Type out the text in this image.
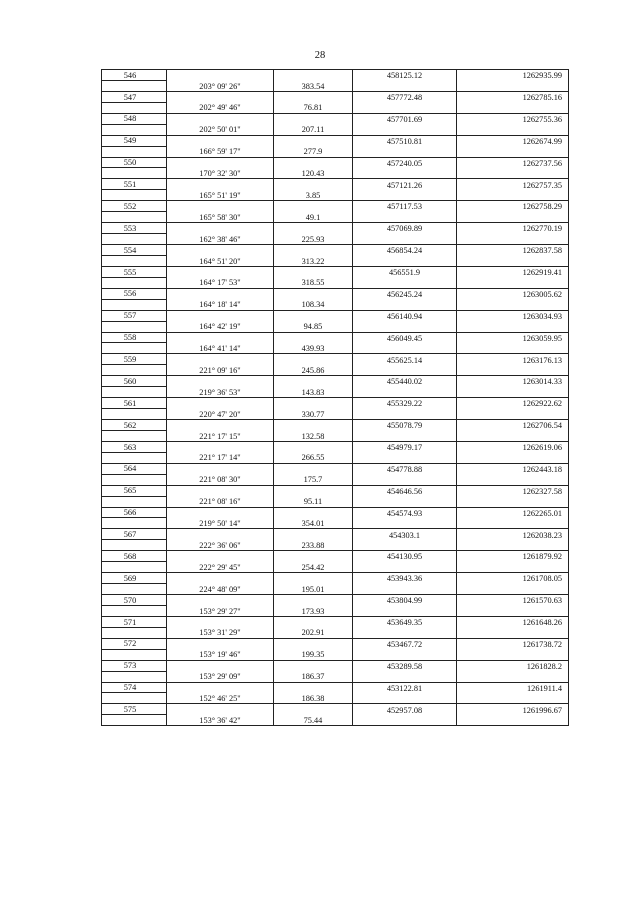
28
546			458125.12	1262935.99
	203° 09' 26"	383.54		
547			457772.48	1262785.16
	202° 49' 46"	76.81		
548			457701.69	1262755.36
	202° 50' 01"	207.11		
549			457510.81	1262674.99
	166° 59' 17"	277.9		
550			457240.05	1262737.56
	170° 32' 30"	120.43		
551			457121.26	1262757.35
	165° 51' 19"	3.85		
552			457117.53	1262758.29
	165° 58' 30"	49.1		
553			457069.89	1262770.19
	162° 38' 46"	225.93		
554			456854.24	1262837.58
	164° 51' 20"	313.22		
555			456551.9	1262919.41
	164° 17' 53"	318.55		
556			456245.24	1263005.62
	164° 18' 14"	108.34		
557			456140.94	1263034.93
	164° 42' 19"	94.85		
558			456049.45	1263059.95
	164° 41' 14"	439.93		
559			455625.14	1263176.13
	221° 09' 16"	245.86		
560			455440.02	1263014.33
	219° 36' 53"	143.83		
561			455329.22	1262922.62
	220° 47' 20"	330.77		
562			455078.79	1262706.54
	221° 17' 15"	132.58		
563			454979.17	1262619.06
	221° 17' 14"	266.55		
564			454778.88	1262443.18
	221° 08' 30"	175.7		
565			454646.56	1262327.58
	221° 08' 16"	95.11		
566			454574.93	1262265.01
	219° 50' 14"	354.01		
567			454303.1	1262038.23
	222° 36' 06"	233.88		
568			454130.95	1261879.92
	222° 29' 45"	254.42		
569			453943.36	1261708.05
	224° 48' 09"	195.01		
570			453804.99	1261570.63
	153° 29' 27"	173.93		
571			453649.35	1261648.26
	153° 31' 29"	202.91		
572			453467.72	1261738.72
	153° 19' 46"	199.35		
573			453289.58	1261828.2
	153° 29' 09"	186.37		
574			453122.81	1261911.4
	152° 46' 25"	186.38		
575			452957.08	1261996.67
	153° 36' 42"	75.44		
